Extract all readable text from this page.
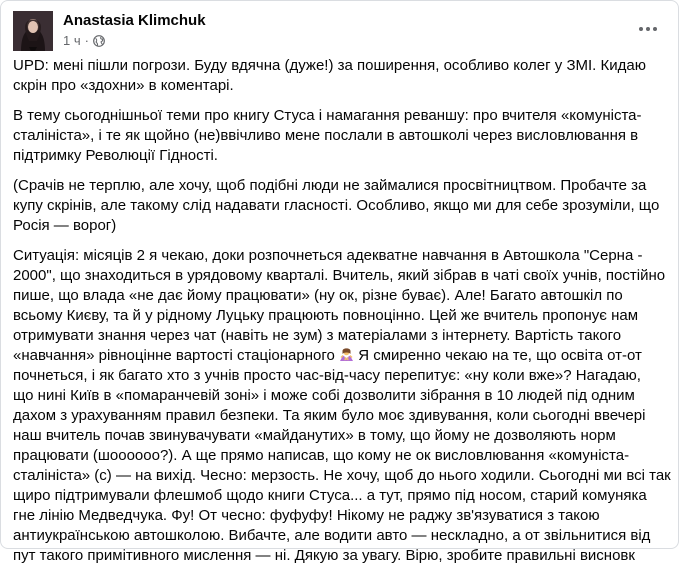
Anastasia Klimchuk
1 ч ·
UPD: мені пішли погрози. Буду вдячна (дуже!) за поширення, особливо колег у ЗМІ. Кидаю
скрін про «здохни» в коментарі.
В тему сьогоднішньої теми про книгу Стуса і намагання реваншу: про вчителя «комуніста-
сталініста», і те як щойно (не)ввічливо мене послали в автошколі через висловлювання в
підтримку Революції Гідності.
(Срачів не терплю, але хочу, щоб подібні люди не займалися просвітництвом. Пробачте за
купу скрінів, але такому слід надавати гласності. Особливо, якщо ми для себе зрозуміли, що
Росія — ворог)
Ситуація: місяців 2 я чекаю, доки розпочнеться адекватне навчання в Автошкола "Серна -
2000", що знаходиться в урядовому кварталі. Вчитель, який зібрав в чаті своїх учнів, постійно
пише, що влада «не дає йому працювати» (ну ок, різне буває). Але! Багато автошкіл по
всьому Києву, та й у рідному Луцьку працюють повноцінно. Цей же вчитель пропонує нам
отримувати знання через чат (навіть не зум) з матеріалами з інтернету. Вартість такого
«навчання» рівноцінне вартості стаціонарного  Я смиренно чекаю на те, що освіта от-от
почнеться, і як багато хто з учнів просто час-від-часу перепитує: «ну коли вже»? Нагадаю,
що нині Київ в «помаранчевій зоні» і може собі дозволити зібрання в 10 людей під одним
дахом з урахуванням правил безпеки. Та яким було моє здивування, коли сьогодні ввечері
наш вчитель почав звинувачувати «майданутих» в тому, що йому не дозволяють норм
працювати (шоооооо?). А ще прямо написав, що кому не ок висловлювання «комуніста-
сталініста» (с) — на вихід. Чесно: мерзость. Не хочу, щоб до нього ходили. Сьогодні ми всі так
щиро підтримували флешмоб щодо книги Стуса... а тут, прямо під носом, старий комуняка
гне лінію Медведчука. Фу! От чесно: фуфуфу! Нікому не раджу зв'язуватися з такою
антиукраїнською автошколою. Вибачте, але водити авто — нескладно, а от звільнитися від
пут такого примітивного мислення — ні. Дякую за увагу. Вірю, зробите правильні висновк
